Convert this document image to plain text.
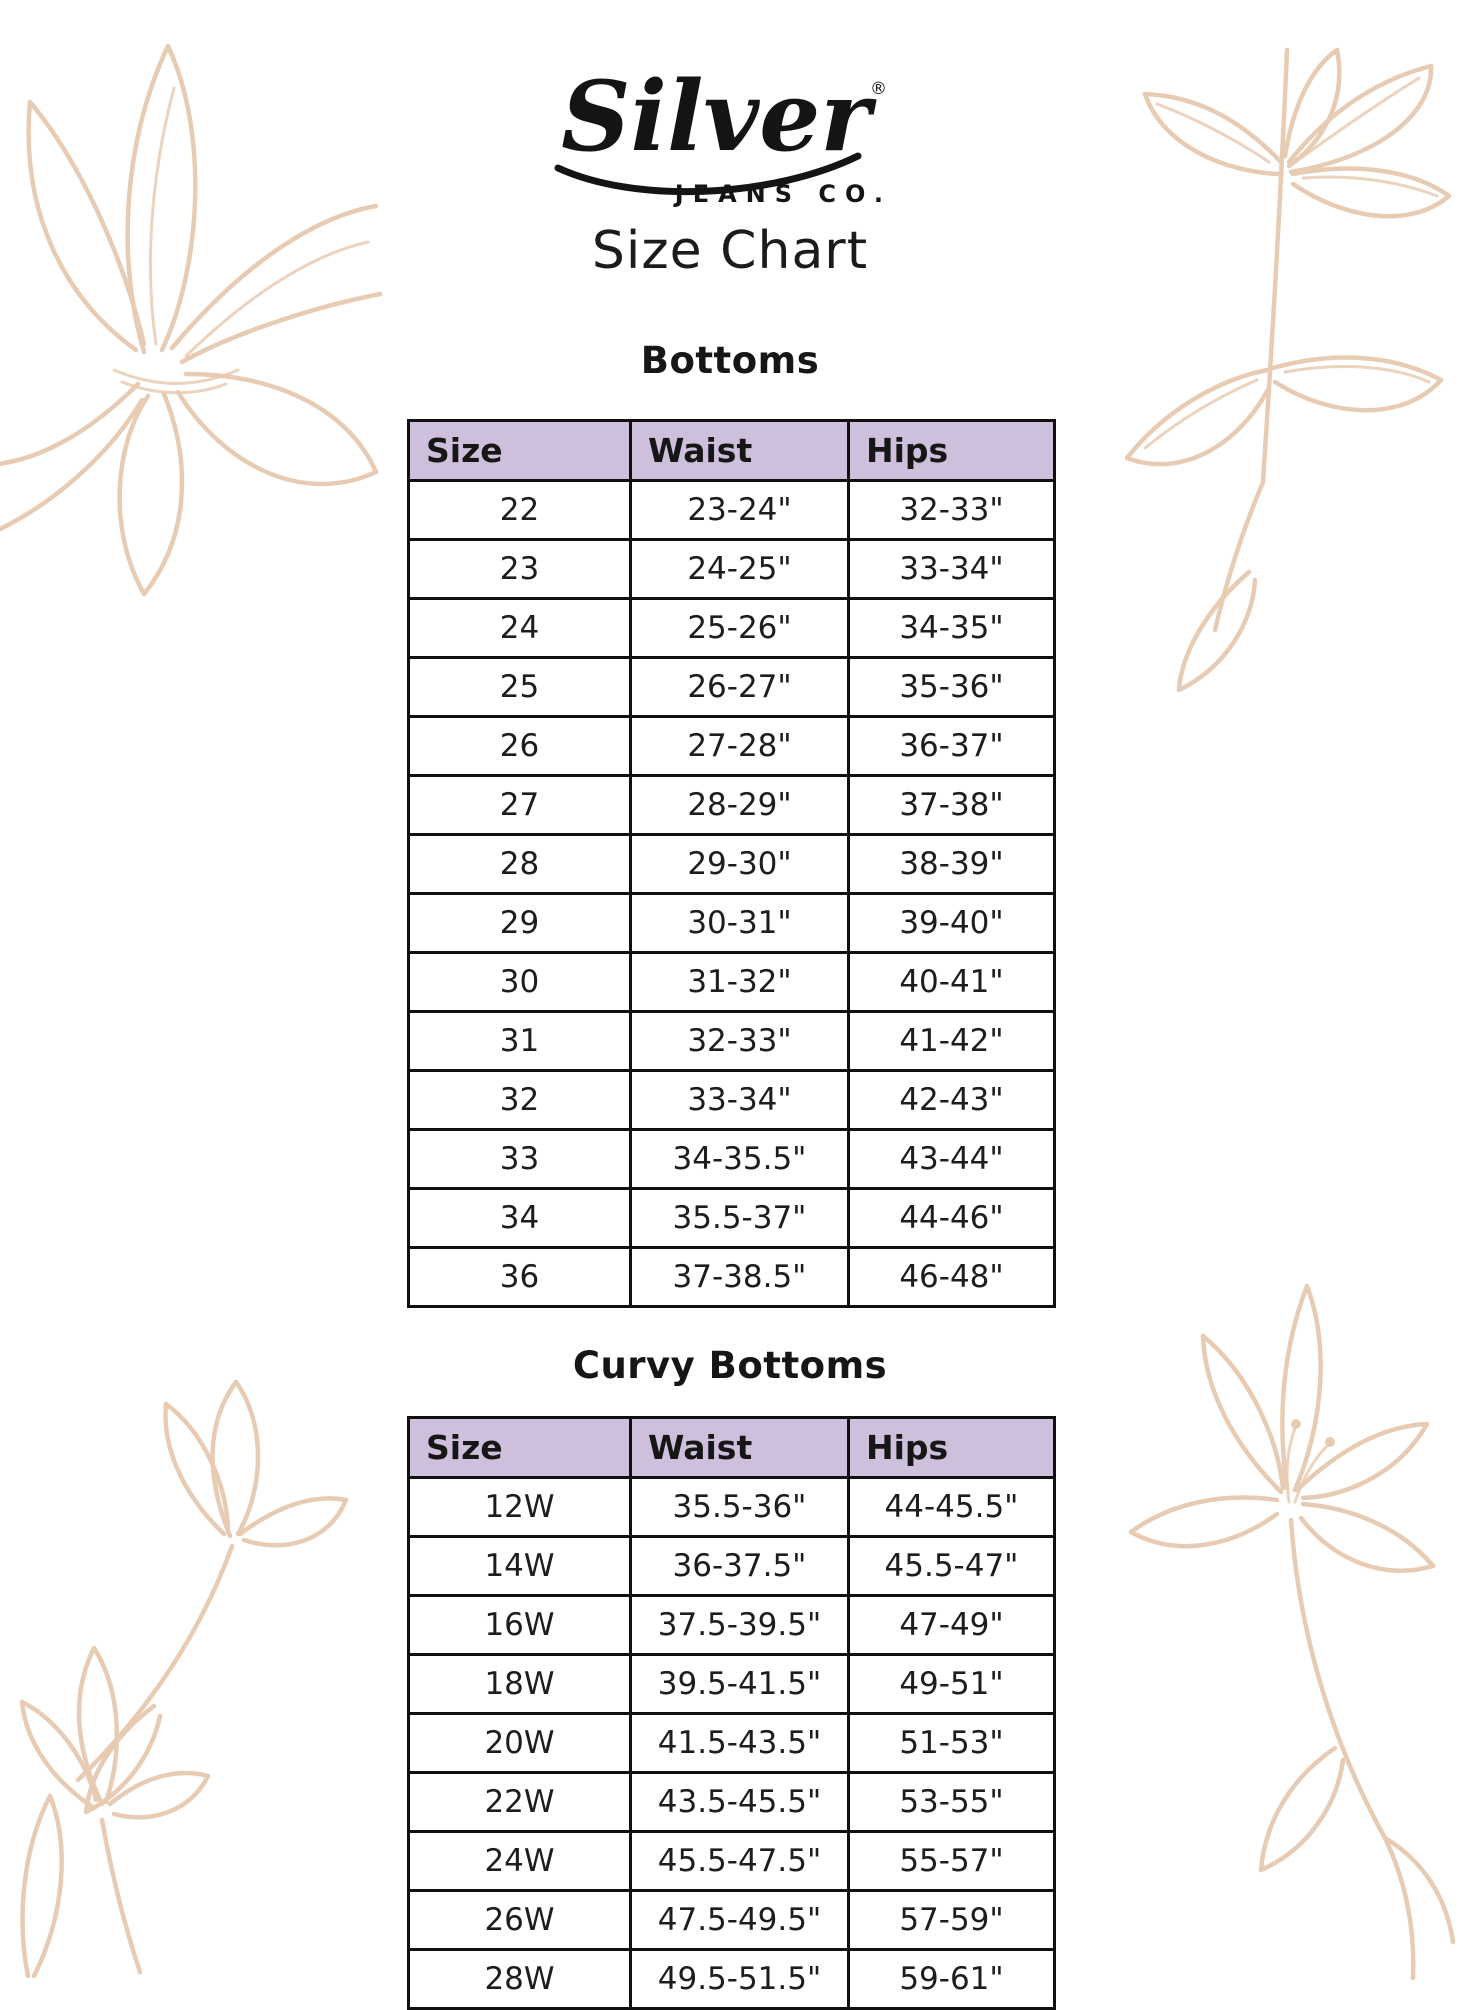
Silver ®
JEANS CO.
Size Chart
Bottoms
Size	Waist	Hips
22	23-24"	32-33"
23	24-25"	33-34"
24	25-26"	34-35"
25	26-27"	35-36"
26	27-28"	36-37"
27	28-29"	37-38"
28	29-30"	38-39"
29	30-31"	39-40"
30	31-32"	40-41"
31	32-33"	41-42"
32	33-34"	42-43"
33	34-35.5"	43-44"
34	35.5-37"	44-46"
36	37-38.5"	46-48"
Curvy Bottoms
Size	Waist	Hips
12W	35.5-36"	44-45.5"
14W	36-37.5"	45.5-47"
16W	37.5-39.5"	47-49"
18W	39.5-41.5"	49-51"
20W	41.5-43.5"	51-53"
22W	43.5-45.5"	53-55"
24W	45.5-47.5"	55-57"
26W	47.5-49.5"	57-59"
28W	49.5-51.5"	59-61"
